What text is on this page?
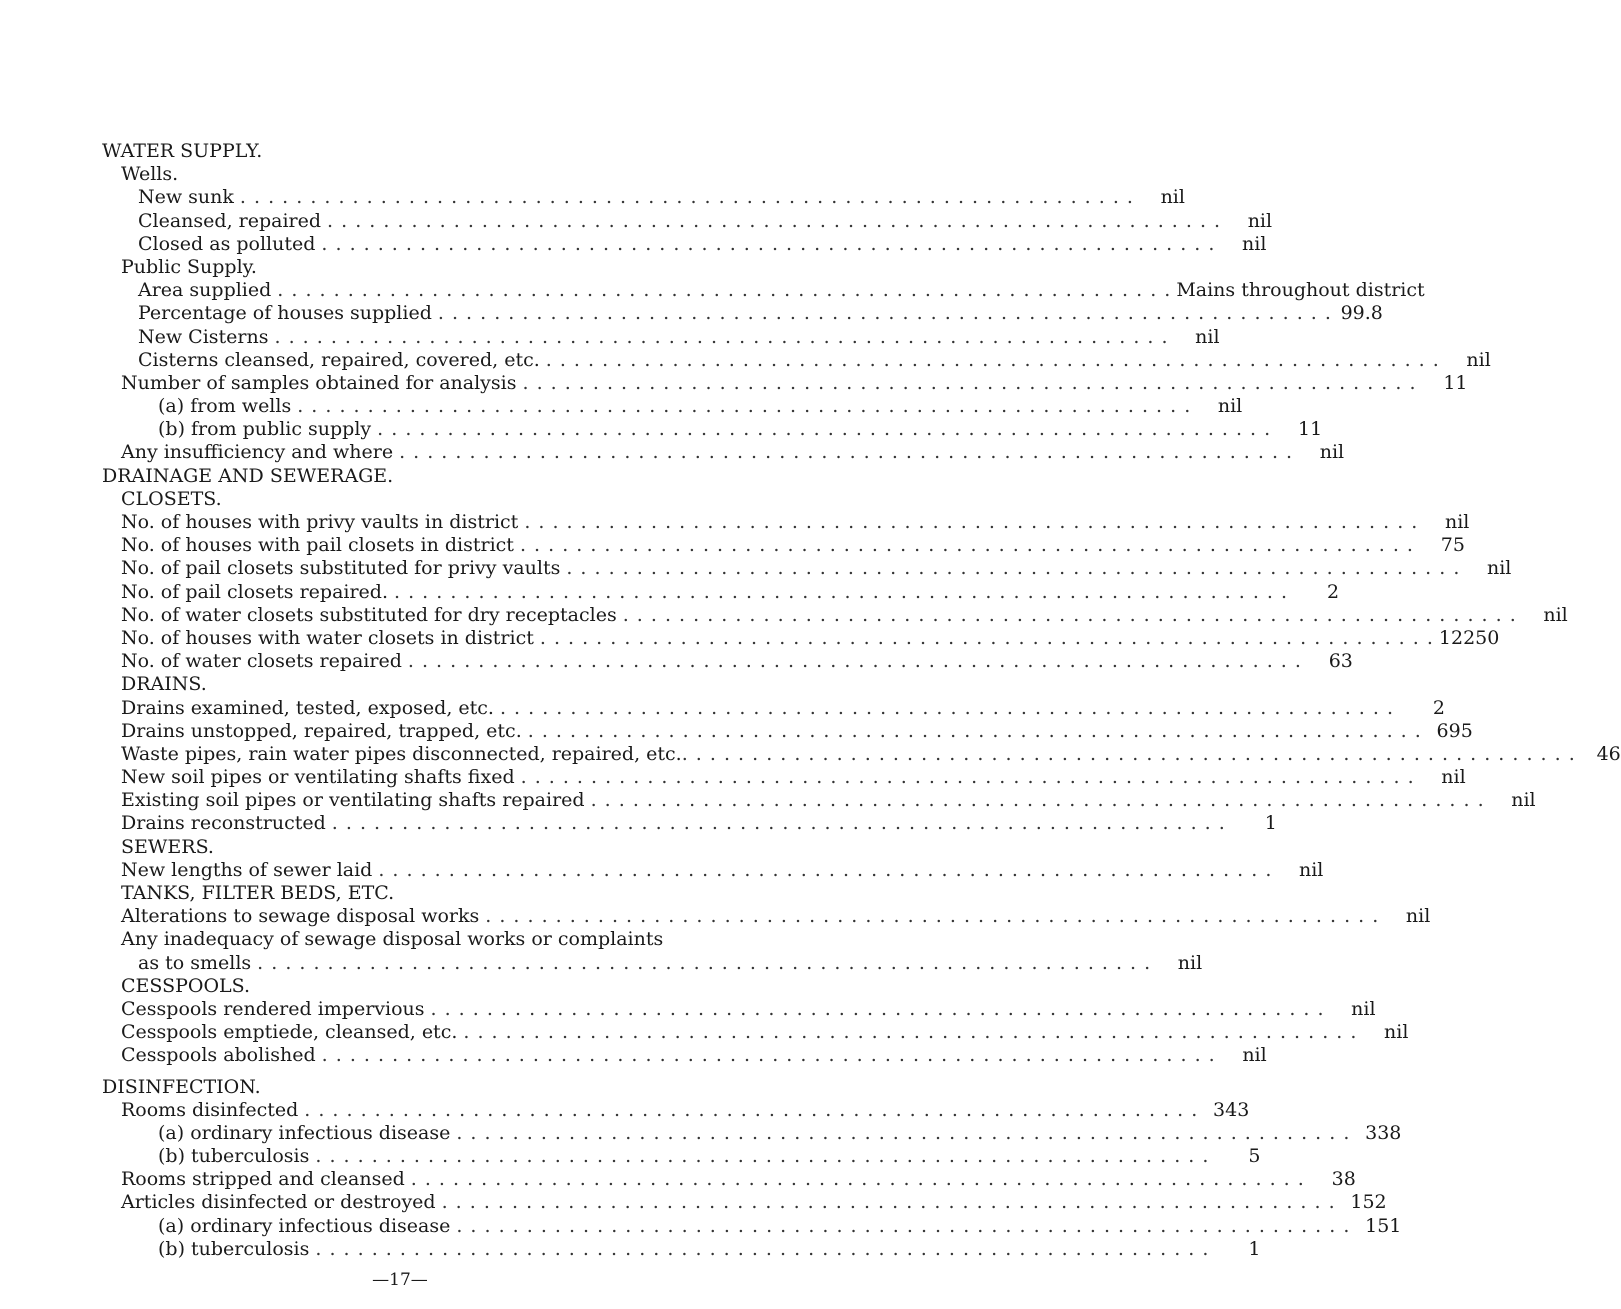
WATER SUPPLY.
Wells.
New sunk . . .	nil
Cleansed, repaired . . .	nil
Closed as polluted . . .	nil
Public Supply.
Area supplied . . .	Mains throughout district
Percentage of houses supplied . . .	99.8
New Cisterns . . .	nil
Cisterns cleansed, repaired, covered, etc. . . .	nil
Number of samples obtained for analysis . . .	11
(a) from wells . . .	nil
(b) from public supply . . .	11
Any insufficiency and where . . .	nil
DRAINAGE AND SEWERAGE.
CLOSETS.
No. of houses with privy vaults in district . . .	nil
No. of houses with pail closets in district . . .	75
No. of pail closets substituted for privy vaults . . .	nil
No. of pail closets repaired. . . .	2
No. of water closets substituted for dry receptacles . . .	nil
No. of houses with water closets in district . . .	12250
No. of water closets repaired . . .	63
DRAINS.
Drains examined, tested, exposed, etc. . . .	2
Drains unstopped, repaired, trapped, etc. . . .	695
Waste pipes, rain water pipes disconnected, repaired, etc. . . .	46
New soil pipes or ventilating shafts fixed . . .	nil
Existing soil pipes or ventilating shafts repaired . . .	nil
Drains reconstructed . . .	1
SEWERS.
New lengths of sewer laid . . .	nil
TANKS, FILTER BEDS, ETC.
Alterations to sewage disposal works . . .	nil
Any inadequacy of sewage disposal works or complaints
as to smells . . .	nil
CESSPOOLS.
Cesspools rendered impervious . . .	nil
Cesspools emptiede, cleansed, etc. . . .	nil
Cesspools abolished . . .	nil
DISINFECTION.
Rooms disinfected . . .	343
(a) ordinary infectious disease . . .	338
(b) tuberculosis . . .	5
Rooms stripped and cleansed . . .	38
Articles disinfected or destroyed . . .	152
(a) ordinary infectious disease . . .	151
(b) tuberculosis . . .	1
—17—
